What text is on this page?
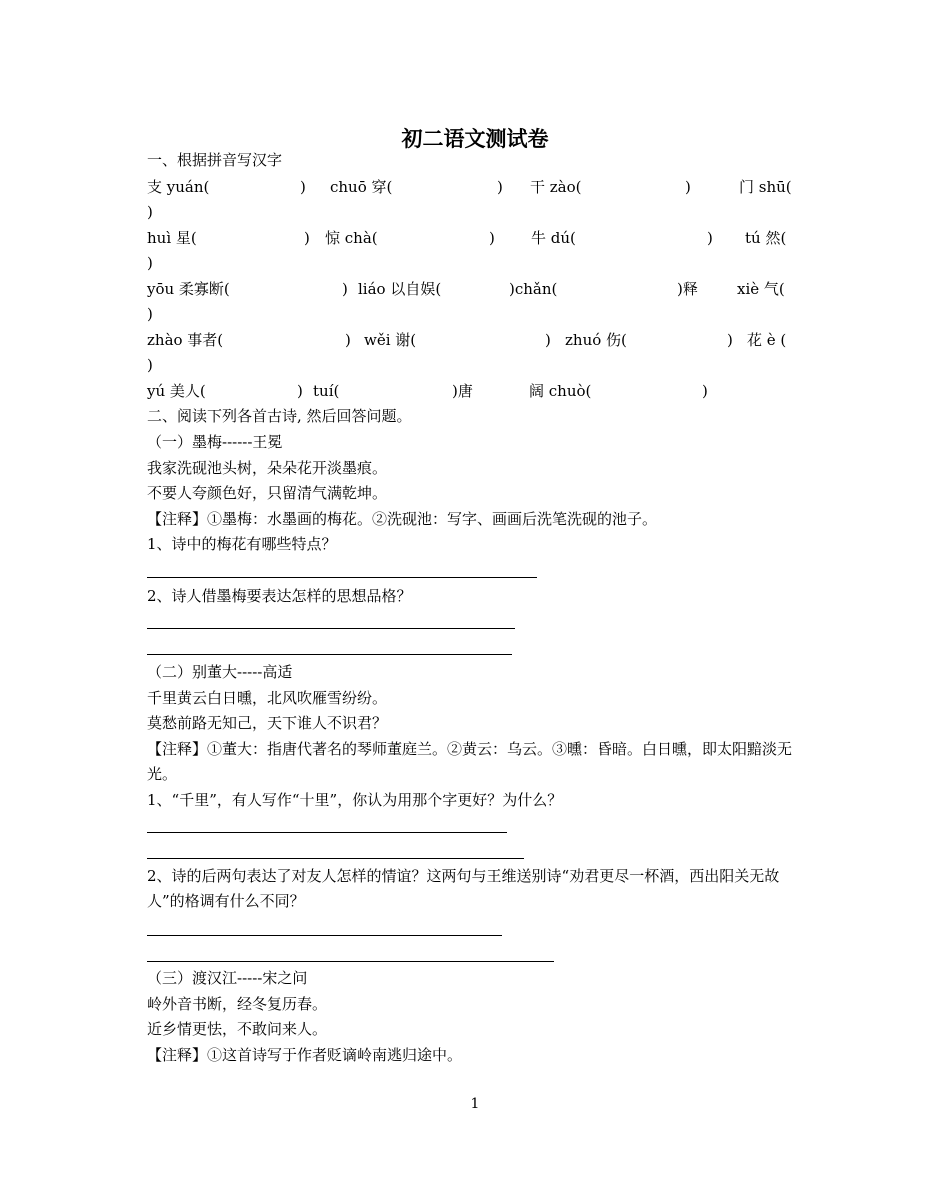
初二语文测试卷
一、根据拼音写汉字
支 yuán(	) chuō 穿(	) 干 zào(	)	门 shū(
)
huì 星(	) 惊 chà(	) 牛 dú(	) tú 然(
)
yōu 柔寡断(	) liáo 以自娱(	)chǎn(	)释	xiè 气(
)
zhào 事者(	) wěi 谢(	) zhuó 伤(	) 花 è (
)
yú 美人(	) tuí(	)唐	阔 chuò(	)
二、阅读下列各首古诗, 然后回答问题。
（一）墨梅------王冕
我家洗砚池头树，朵朵花开淡墨痕。
不要人夸颜色好，只留清气满乾坤。
【注释】①墨梅：水墨画的梅花。②洗砚池：写字、画画后洗笔洗砚的池子。
1、诗中的梅花有哪些特点？
2、诗人借墨梅要表达怎样的思想品格？
（二）别董大-----高适
千里黄云白日曛，北风吹雁雪纷纷。
莫愁前路无知己，天下谁人不识君？
【注释】①董大：指唐代著名的琴师董庭兰。②黄云：乌云。③曛：昏暗。白日曛，即太阳黯淡无光。
1、“千里”，有人写作“十里”，你认为用那个字更好？为什么？
2、诗的后两句表达了对友人怎样的情谊？这两句与王维送别诗“劝君更尽一杯酒，西出阳关无故人”的格调有什么不同？
（三）渡汉江-----宋之问
岭外音书断，经冬复历春。
近乡情更怯，不敢问来人。
【注释】①这首诗写于作者贬谪岭南逃归途中。
1
